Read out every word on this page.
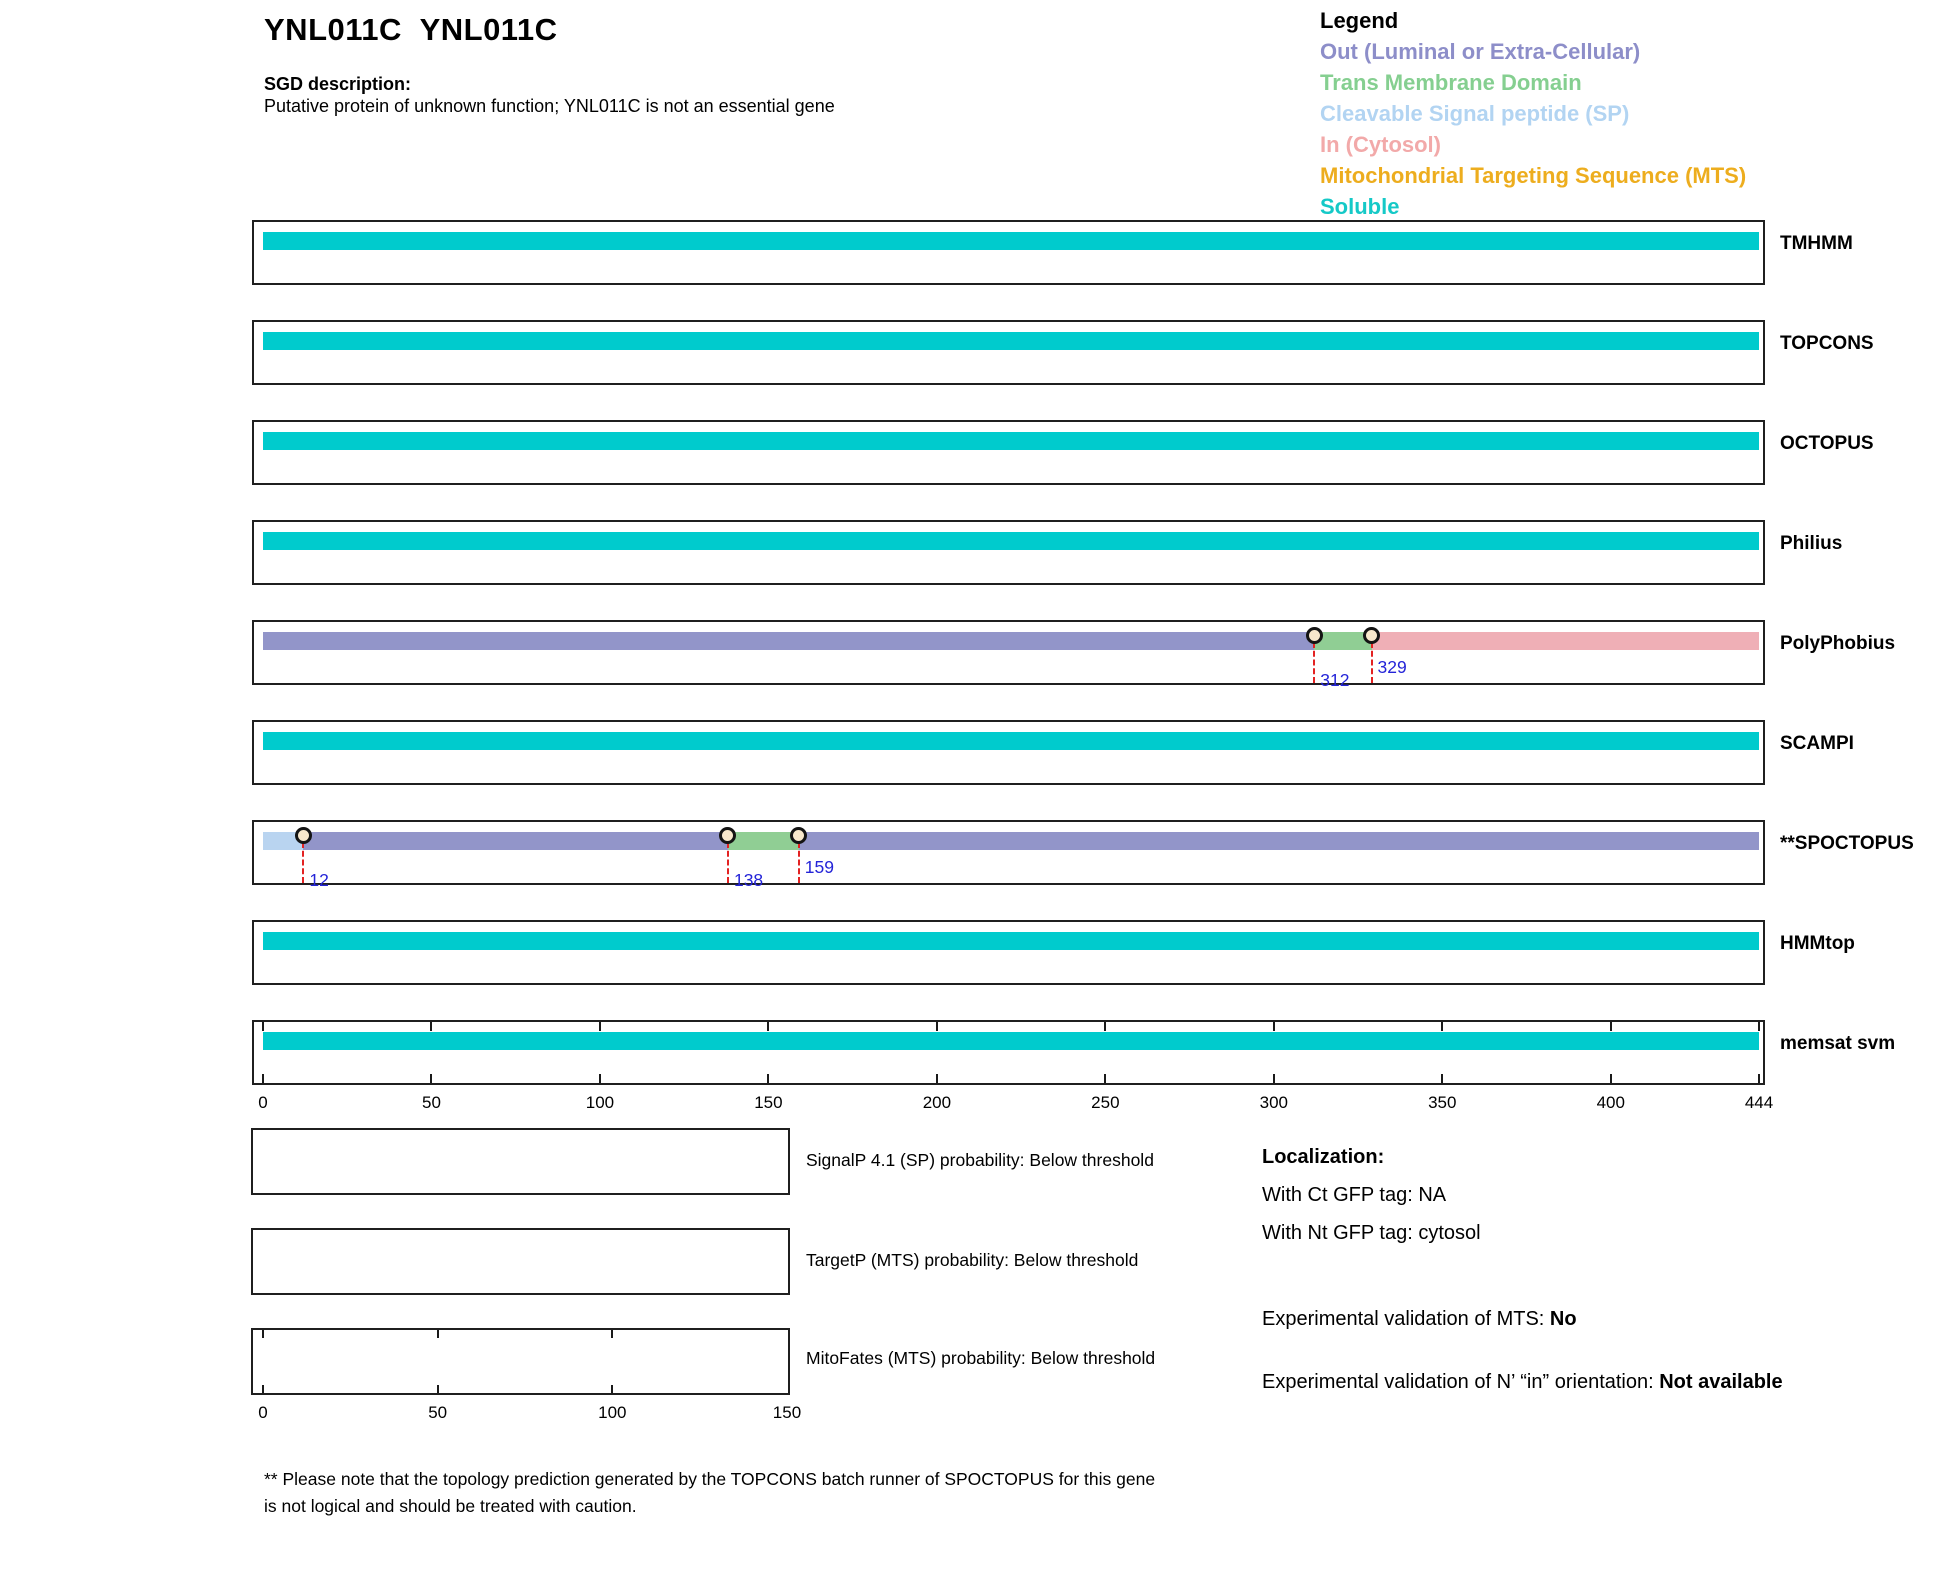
YNL011C  YNL011C
SGD description:
Putative protein of unknown function; YNL011C is not an essential gene
Legend
SignalP 4.1 (SP) probability: Below threshold
TargetP (MTS) probability: Below threshold
MitoFates (MTS) probability: Below threshold
Localization:
With Ct GFP tag: NA
With Nt GFP tag: cytosol
Experimental validation of MTS: No
Experimental validation of N’ “in” orientation: Not available
** Please note that the topology prediction generated by the TOPCONS batch runner of SPOCTOPUS for this gene is not logical and should be treated with caution.
Out (Luminal or Extra-Cellular)
Trans Membrane Domain
Cleavable Signal peptide (SP)
In (Cytosol)
Mitochondrial Targeting Sequence (MTS)
Soluble
TMHMM
TOPCONS
OCTOPUS
Philius
312
329
PolyPhobius
SCAMPI
12	138
159
**SPOCTOPUS
HMMtop
memsat svm
0	50	100	150	200	250	300	350	400	444
0	50	100	150
